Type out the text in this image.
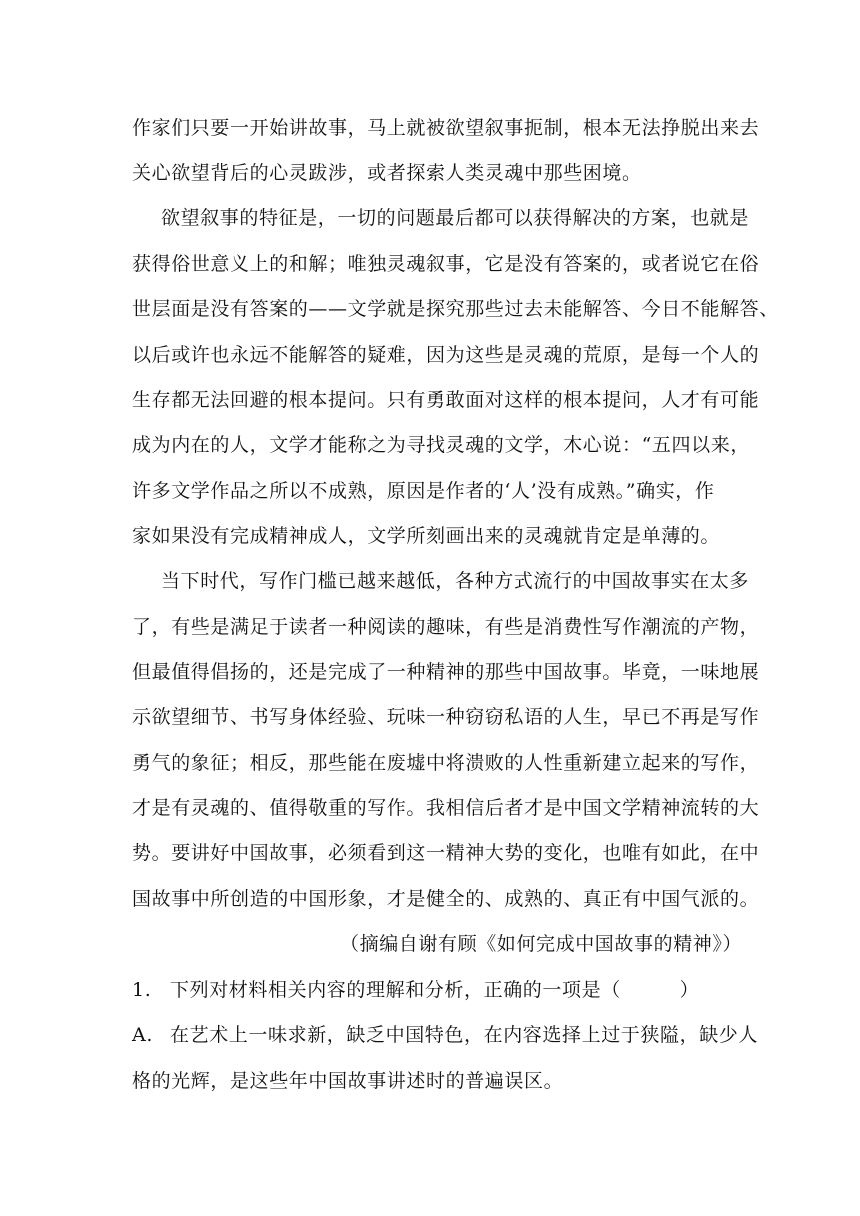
作家们只要一开始讲故事，马上就被欲望叙事扼制，根本无法挣脱出来去
关心欲望背后的心灵跋涉，或者探索人类灵魂中那些困境。
欲望叙事的特征是，一切的问题最后都可以获得解决的方案，也就是
获得俗世意义上的和解；唯独灵魂叙事，它是没有答案的，或者说它在俗
世层面是没有答案的——文学就是探究那些过去未能解答、今日不能解答、
以后或许也永远不能解答的疑难，因为这些是灵魂的荒原，是每一个人的
生存都无法回避的根本提问。只有勇敢面对这样的根本提问，人才有可能
成为内在的人，文学才能称之为寻找灵魂的文学，木心说：“五四以来，
许多文学作品之所以不成熟，原因是作者的‘人’没有成熟。”确实，作
家如果没有完成精神成人，文学所刻画出来的灵魂就肯定是单薄的。
当下时代，写作门槛已越来越低，各种方式流行的中国故事实在太多
了，有些是满足于读者一种阅读的趣味，有些是消费性写作潮流的产物，
但最值得倡扬的，还是完成了一种精神的那些中国故事。毕竟，一味地展
示欲望细节、书写身体经验、玩味一种窃窃私语的人生，早已不再是写作
勇气的象征；相反，那些能在废墟中将溃败的人性重新建立起来的写作，
才是有灵魂的、值得敬重的写作。我相信后者才是中国文学精神流转的大
势。要讲好中国故事，必须看到这一精神大势的变化，也唯有如此，在中
国故事中所创造的中国形象，才是健全的、成熟的、真正有中国气派的。
（摘编自谢有顾《如何完成中国故事的精神》）
1. 下列对材料相关内容的理解和分析，正确的一项是（　　　）
A. 在艺术上一味求新，缺乏中国特色，在内容选择上过于狭隘，缺少人
格的光辉，是这些年中国故事讲述时的普遍误区。
